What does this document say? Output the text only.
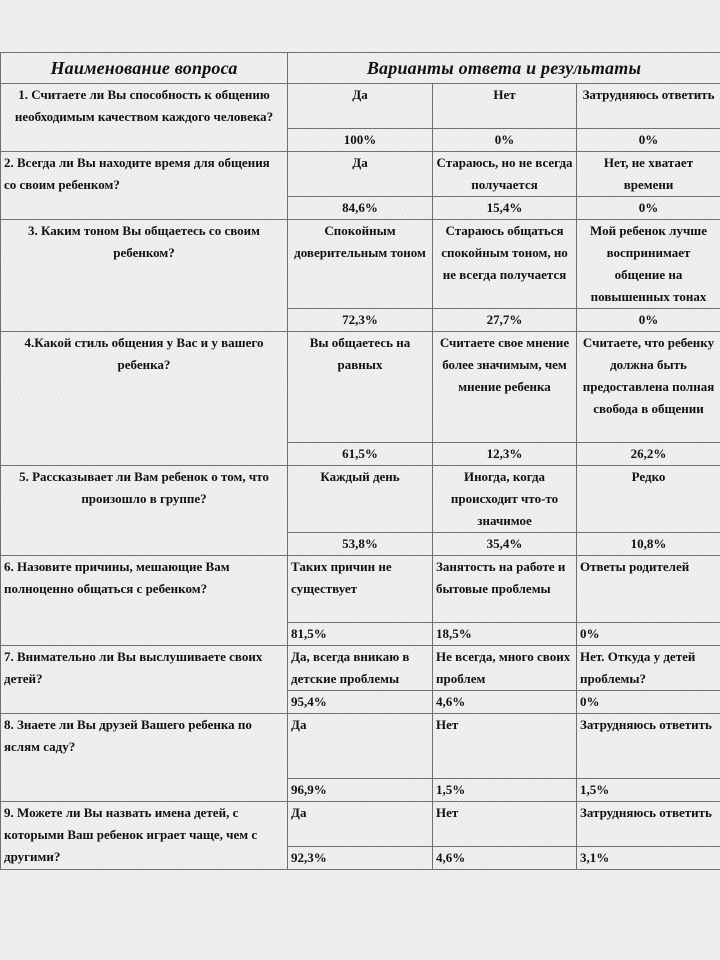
Наименование вопроса	Варианты ответа и результаты		
1. Считаете ли Вы способность к общению необходимым качеством каждого человека?	Да	Нет	Затрудняюсь ответить
	100%	0%	0%
2. Всегда ли Вы находите время для общения со своим ребенком?	Да	Стараюсь, но не всегда получается	Нет, не хватает времени
	84,6%	15,4%	0%
3. Каким тоном Вы общаетесь со своим ребенком?	Спокойным доверительным тоном	Стараюсь общаться спокойным тоном, но не всегда получается	Мой ребенок лучше воспринимает общение на повышенных тонах
	72,3%	27,7%	0%
4.Какой стиль общения у Вас и у вашего ребенка?	Вы общаетесь на равных	Считаете свое мнение более значимым, чем мнение ребенка	Считаете, что ребенку должна быть предоставлена полная свобода в общении
	61,5%	12,3%	26,2%
5. Рассказывает ли Вам ребенок о том, что произошло в группе?	Каждый день	Иногда, когда происходит что-то значимое	Редко
	53,8%	35,4%	10,8%
6. Назовите причины, мешающие Вам полноценно общаться с ребенком?	Таких причин не существует	Занятость на работе и бытовые проблемы	Ответы родителей
	81,5%	18,5%	0%
7. Внимательно ли Вы выслушиваете своих детей?	Да, всегда вникаю в детские проблемы	Не всегда, много своих проблем	Нет. Откуда у детей проблемы?
	95,4%	4,6%	0%
8. Знаете ли Вы друзей Вашего ребенка по яслям саду?	Да	Нет	Затрудняюсь ответить
	96,9%	1,5%	1,5%
9. Можете ли Вы назвать имена детей, с которыми Ваш ребенок играет чаще, чем с другими?	Да	Нет	Затрудняюсь ответить
	92,3%	4,6%	3,1%
